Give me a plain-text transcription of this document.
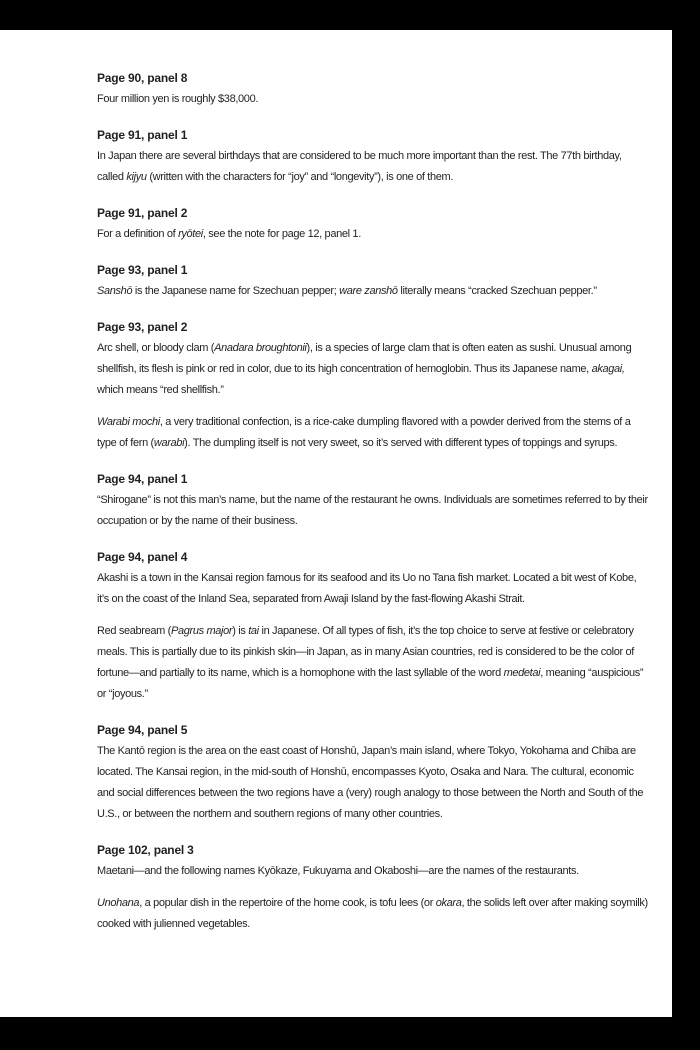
Page 90, panel 8
Four million yen is roughly $38,000.
Page 91, panel 1
In Japan there are several birthdays that are considered to be much more important than the rest. The 77th birthday, called kijyu (written with the characters for “joy” and “longevity”), is one of them.
Page 91, panel 2
For a definition of ryōtei, see the note for page 12, panel 1.
Page 93, panel 1
Sanshō is the Japanese name for Szechuan pepper; ware zanshō literally means “cracked Szechuan pepper.”
Page 93, panel 2
Arc shell, or bloody clam (Anadara broughtonii), is a species of large clam that is often eaten as sushi. Unusual among shellfish, its flesh is pink or red in color, due to its high concentration of hemoglobin. Thus its Japanese name, akagai, which means “red shellfish.”
Warabi mochi, a very traditional confection, is a rice-cake dumpling flavored with a powder derived from the stems of a type of fern (warabi). The dumpling itself is not very sweet, so it’s served with different types of toppings and syrups.
Page 94, panel 1
“Shirogane” is not this man’s name, but the name of the restaurant he owns. Individuals are sometimes referred to by their occupation or by the name of their business.
Page 94, panel 4
Akashi is a town in the Kansai region famous for its seafood and its Uo no Tana fish market. Located a bit west of Kobe, it’s on the coast of the Inland Sea, separated from Awaji Island by the fast-flowing Akashi Strait.
Red seabream (Pagrus major) is tai in Japanese. Of all types of fish, it’s the top choice to serve at festive or celebratory meals. This is partially due to its pinkish skin—in Japan, as in many Asian countries, red is considered to be the color of fortune—and partially to its name, which is a homophone with the last syllable of the word medetai, meaning “auspicious” or “joyous.”
Page 94, panel 5
The Kantō region is the area on the east coast of Honshū, Japan’s main island, where Tokyo, Yokohama and Chiba are located. The Kansai region, in the mid-south of Honshū, encompasses Kyoto, Osaka and Nara. The cultural, economic and social differences between the two regions have a (very) rough analogy to those between the North and South of the U.S., or between the northern and southern regions of many other countries.
Page 102, panel 3
Maetani—and the following names Kyōkaze, Fukuyama and Okaboshi—are the names of the restaurants.
Unohana, a popular dish in the repertoire of the home cook, is tofu lees (or okara, the solids left over after making soymilk) cooked with julienned vegetables.
